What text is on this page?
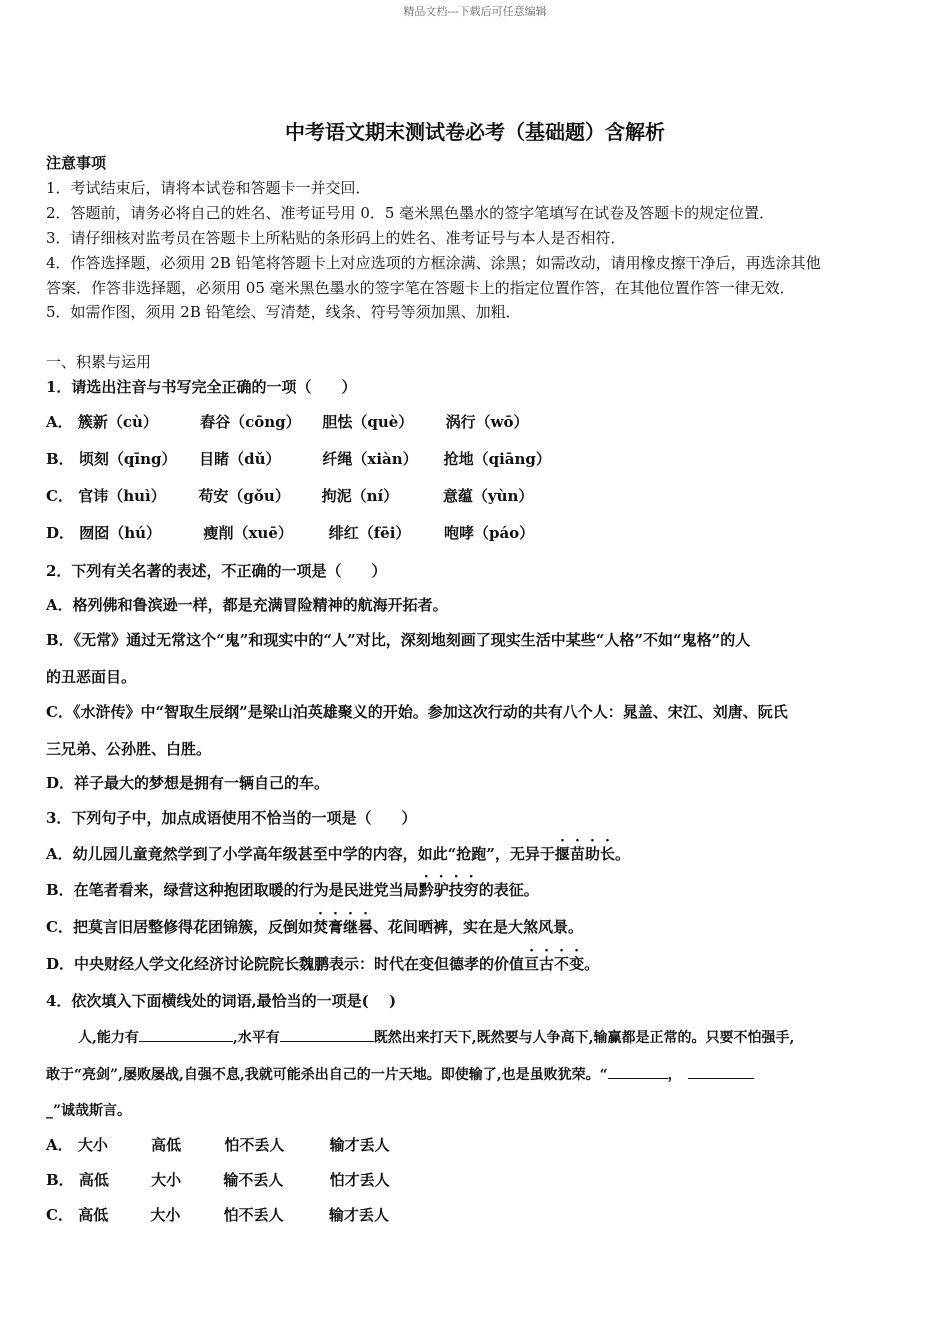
精品文档---下载后可任意编辑
中考语文期末测试卷必考（基础题）含解析
注意事项
1．考试结束后，请将本试卷和答题卡一并交回．
2．答题前，请务必将自己的姓名、准考证号用 0．5 毫米黑色墨水的签字笔填写在试卷及答题卡的规定位置．
3．请仔细核对监考员在答题卡上所粘贴的条形码上的姓名、准考证号与本人是否相符．
4．作答选择题，必须用 2B 铅笔将答题卡上对应选项的方框涂满、涂黑；如需改动，请用橡皮擦干净后，再选涂其他
答案．作答非选择题，必须用 05 毫米黑色墨水的签字笔在答题卡上的指定位置作答，在其他位置作答一律无效．
5．如需作图，须用 2B 铅笔绘、写清楚，线条、符号等须加黑、加粗．
一、积累与运用
1．请选出注音与书写完全正确的一项（　　）
A． 簇新（cù）	舂谷（cōng） 胆怯（què） 涡行（wō）
B． 顷刻（qīng） 目睹（dǔ）	纤绳（xiàn） 抢地（qiāng）
C． 官讳（huì） 苟安（gǒu） 拘泥（ní）	意蕴（yùn）
D． 囫囵（hú）	瘦削（xuē） 绯红（fēi） 咆哮（páo）
2．下列有关名著的表述，不正确的一项是（　　）
A．格列佛和鲁滨逊一样，都是充满冒险精神的航海开拓者。
B．《无常》通过无常这个“鬼”和现实中的“人”对比，深刻地刻画了现实生活中某些“人格”不如“鬼格”的人
的丑恶面目。
C．《水浒传》中“智取生辰纲”是梁山泊英雄聚义的开始。参加这次行动的共有八个人：晁盖、宋江、刘唐、阮氏
三兄弟、公孙胜、白胜。
D．祥子最大的梦想是拥有一辆自己的车。
3．下列句子中，加点成语使用不恰当的一项是（　　）
A．幼儿园儿童竟然学到了小学高年级甚至中学的内容，如此“抢跑”，无异于揠苗助长。
B．在笔者看来，绿营这种抱团取暖的行为是民进党当局黔驴技穷的表征。
C．把莫言旧居整修得花团锦簇，反倒如焚膏继晷、花间晒裤，实在是大煞风景。
D．中央财经人学文化经济讨论院院长魏鹏表示：时代在变但德孝的价值亘古不变。
4．依次填入下面横线处的词语,最恰当的一项是(　 )
人,能力有	,水平有	既然出来打天下,既然要与人争高下,输赢都是正常的。只要不怕强手,
敢于“亮剑”,屡败屡战,自强不息,我就可能杀出自己的一片天地。即使输了,也是虽败犹荣。“	，
_”诚哉斯言。
A． 大小	高低	怕不丢人	输才丢人
B． 高低	大小	输不丢人	怕才丢人
C． 高低	大小	怕不丢人	输才丢人
